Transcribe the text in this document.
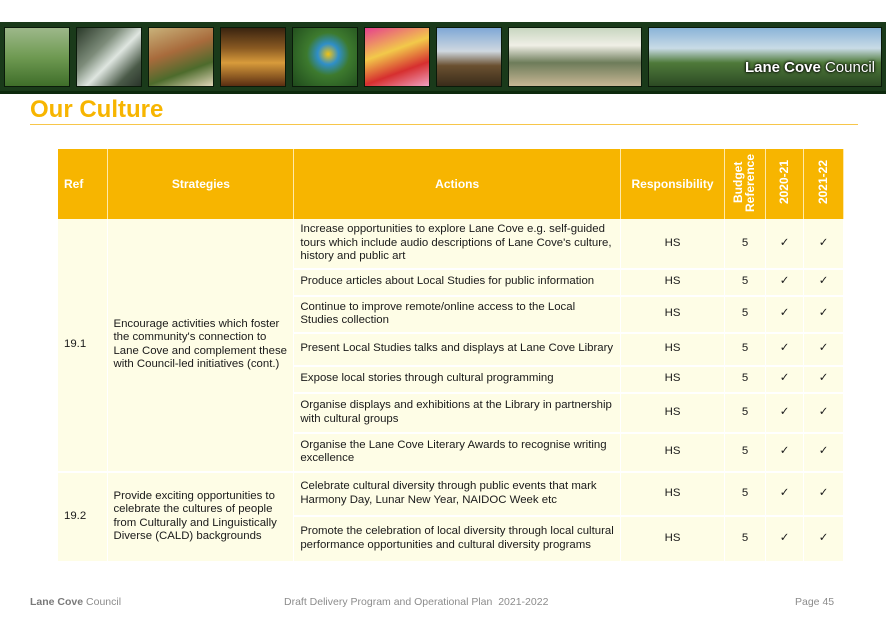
Lane Cove Council
Our Culture
Ref	Strategies	Actions	Responsibility	Budget Reference	2020-21	2021-22
19.1	Encourage activities which foster the community's connection to Lane Cove and complement these with Council-led initiatives (cont.)	Increase opportunities to explore Lane Cove e.g. self-guided tours which include audio descriptions of Lane Cove's culture, history and public art	HS	5	✓	✓
		Produce articles about Local Studies for public information	HS	5	✓	✓
		Continue to improve remote/online access to the Local Studies collection	HS	5	✓	✓
		Present Local Studies talks and displays at Lane Cove Library	HS	5	✓	✓
		Expose local stories through cultural programming	HS	5	✓	✓
		Organise displays and exhibitions at the Library in partnership with cultural groups	HS	5	✓	✓
		Organise the Lane Cove Literary Awards to recognise writing excellence	HS	5	✓	✓
19.2	Provide exciting opportunities to celebrate the cultures of people from Culturally and Linguistically Diverse (CALD) backgrounds	Celebrate cultural diversity through public events that mark Harmony Day, Lunar New Year, NAIDOC Week etc	HS	5	✓	✓
		Promote the celebration of local diversity through local cultural performance opportunities and cultural diversity programs	HS	5	✓	✓
Lane Cove Council	Draft Delivery Program and Operational Plan 2021-2022	Page 45
